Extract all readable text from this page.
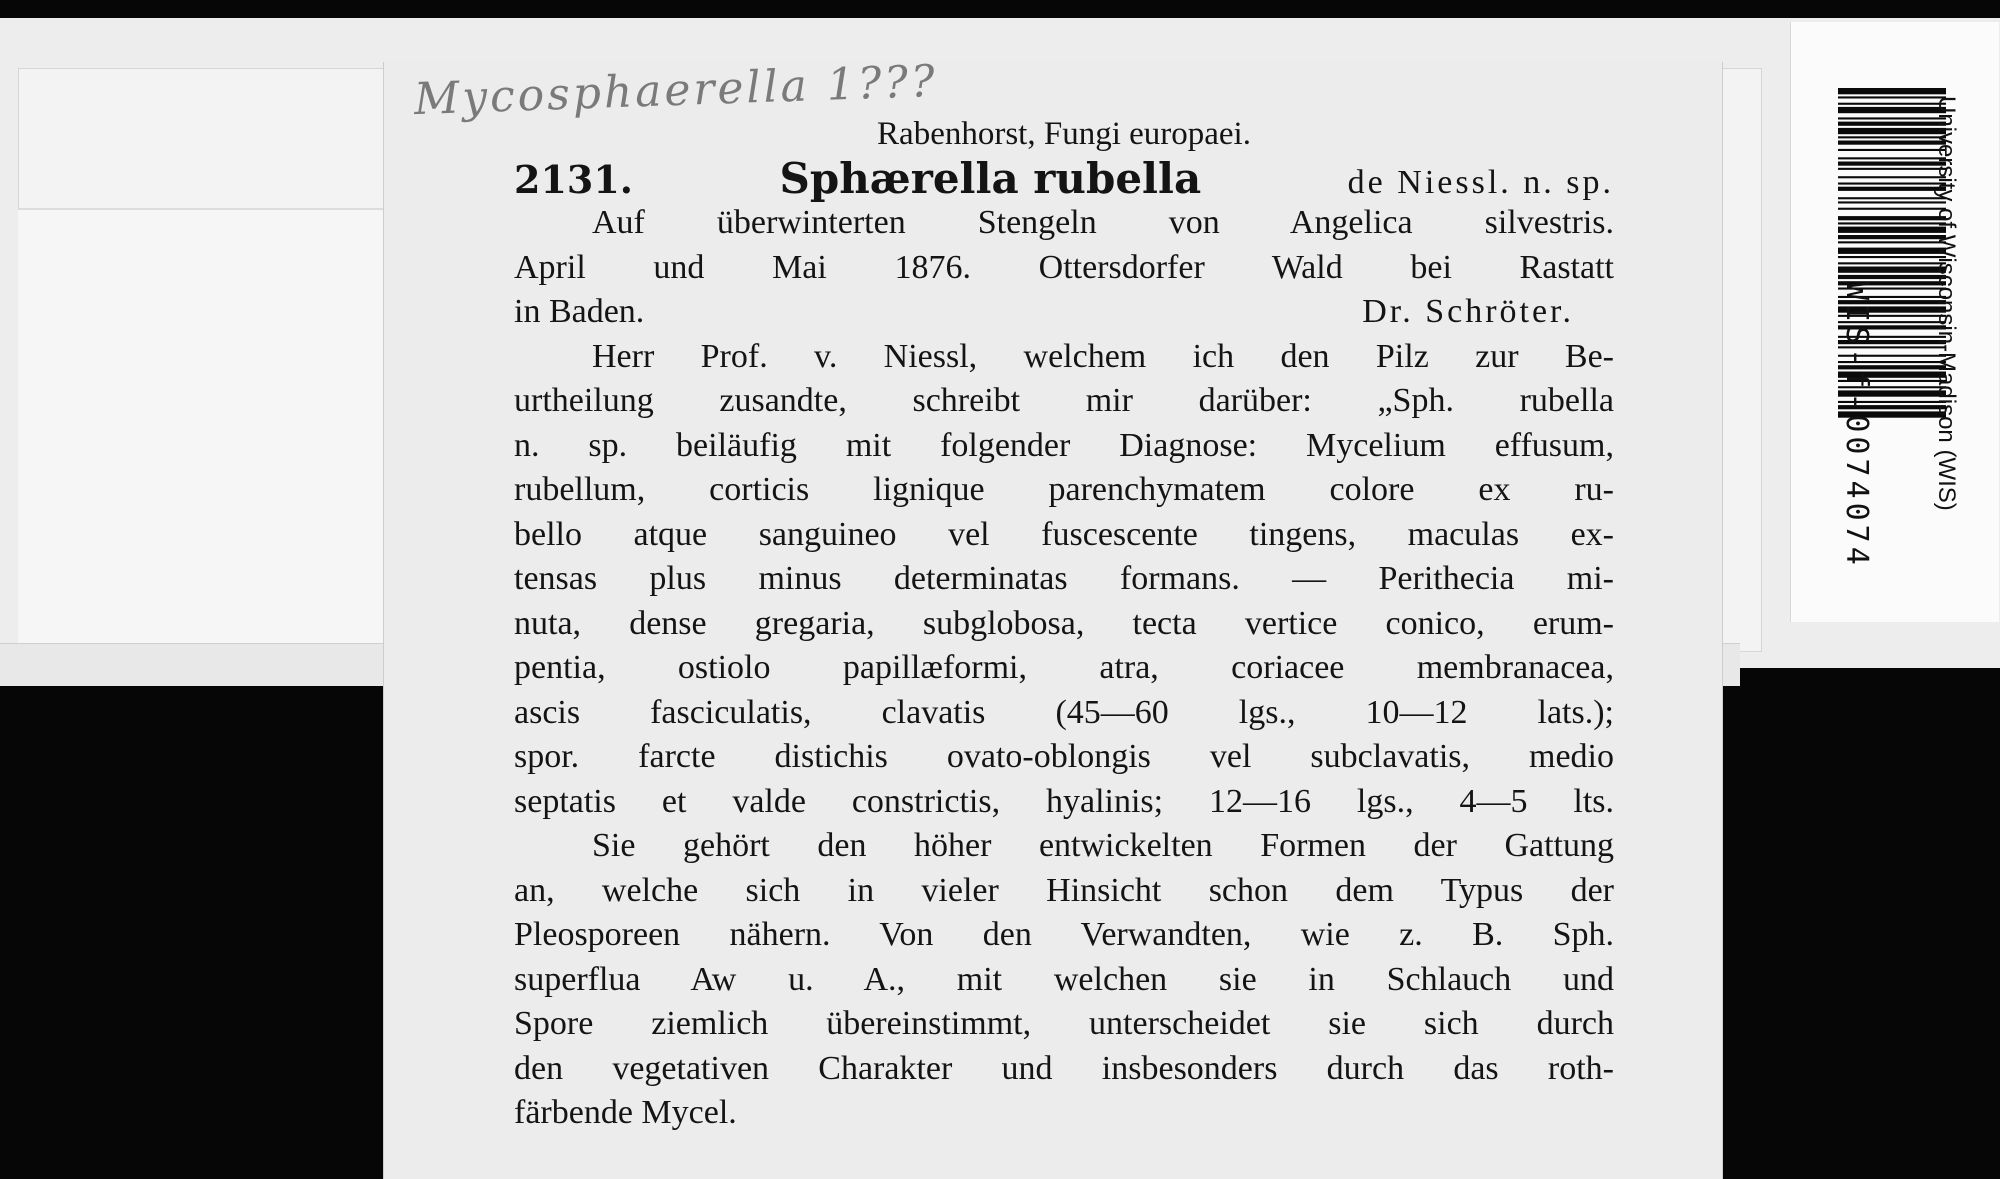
University of Wisconsin-Madison (WIS)
Mycosphaerella 1???
Rabenhorst, Fungi europaei.
2131.	Sphærella rubella	de Niessl. n. sp.
Auf überwinterten Stengeln von Angelica silvestris.
April und Mai 1876. Ottersdorfer Wald bei Rastatt
in Baden.	Dr. Schröter.
Herr Prof. v. Niessl, welchem ich den Pilz zur Be-
urtheilung zusandte, schreibt mir darüber: „Sph. rubella
n. sp. beiläufig mit folgender Diagnose: Mycelium effusum,
rubellum, corticis lignique parenchymatem colore ex ru-
bello atque sanguineo vel fuscescente tingens, maculas ex-
tensas plus minus determinatas formans. — Perithecia mi-
nuta, dense gregaria, subglobosa, tecta vertice conico, erum-
pentia, ostiolo papillæformi, atra, coriacee membranacea,
ascis fasciculatis, clavatis (45—60 lgs., 10—12 lats.);
spor. farcte distichis ovato-oblongis vel subclavatis, medio
septatis et valde constrictis, hyalinis; 12—16 lgs., 4—5 lts.
Sie gehört den höher entwickelten Formen der Gattung
an, welche sich in vieler Hinsicht schon dem Typus der
Pleosporeen nähern. Von den Verwandten, wie z. B. Sph.
superflua Aw u. A., mit welchen sie in Schlauch und
Spore ziemlich übereinstimmt, unterscheidet sie sich durch
den vegetativen Charakter und insbesonders durch das roth-
färbende Mycel.
